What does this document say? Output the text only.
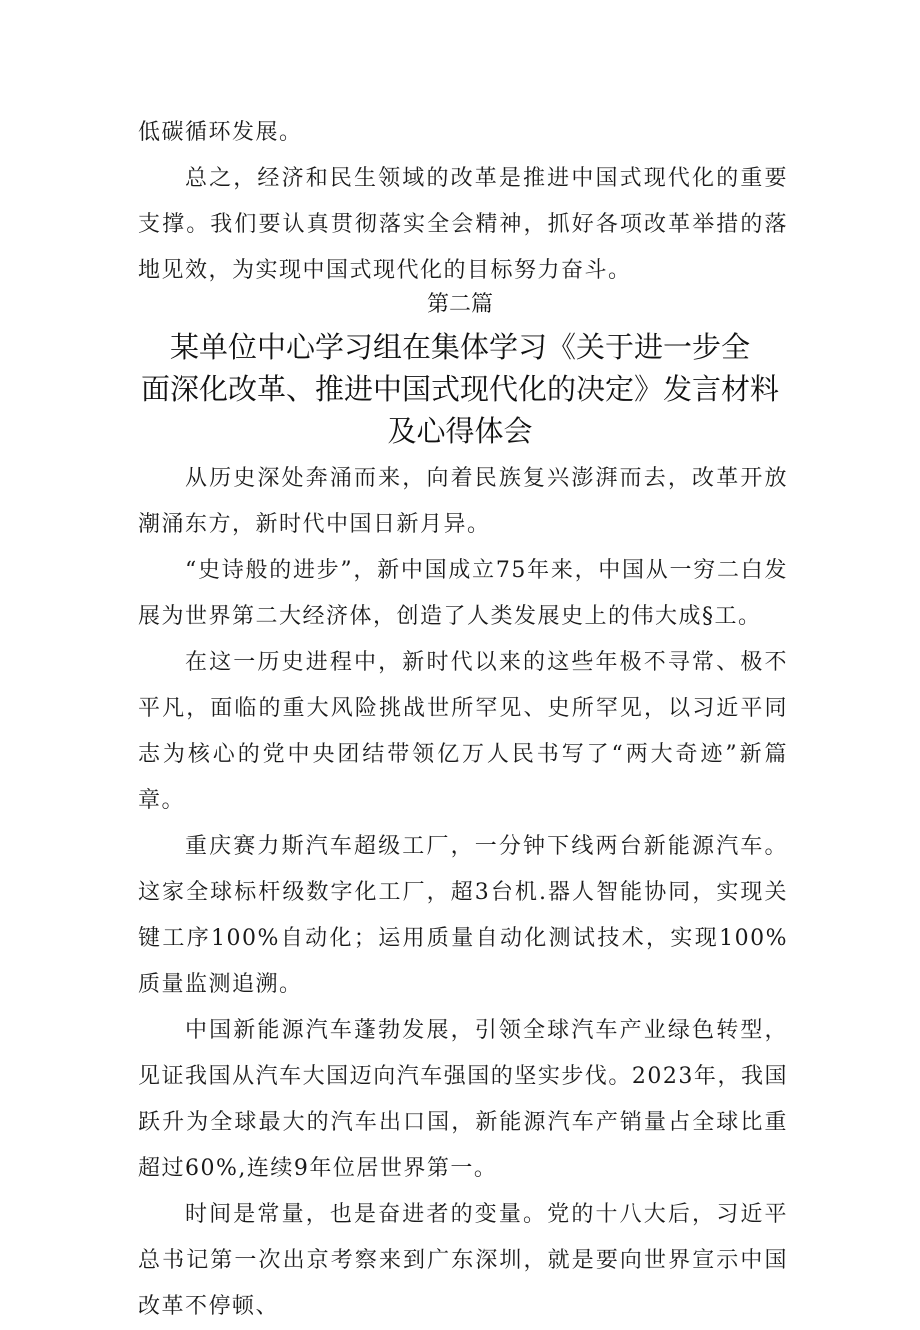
低碳循环发展。

总之，经济和民生领域的改革是推进中国式现代化的重要支撑。我们要认真贯彻落实全会精神，抓好各项改革举措的落地见效，为实现中国式现代化的目标努力奋斗。

第二篇
某单位中心学习组在集体学习《关于进一步全
面深化改革、推进中国式现代化的决定》发言材料
及心得体会

从历史深处奔涌而来，向着民族复兴澎湃而去，改革开放潮涌东方，新时代中国日新月异。

“史诗般的进步”，新中国成立75年来，中国从一穷二白发展为世界第二大经济体，创造了人类发展史上的伟大成§工。

在这一历史进程中，新时代以来的这些年极不寻常、极不平凡，面临的重大风险挑战世所罕见、史所罕见，以习近平同志为核心的党中央团结带领亿万人民书写了“两大奇迹”新篇章。

重庆赛力斯汽车超级工厂，一分钟下线两台新能源汽车。这家全球标杆级数字化工厂，超3台机.器人智能协同，实现关键工序100%自动化；运用质量自动化测试技术，实现100%质量监测追溯。

中国新能源汽车蓬勃发展，引领全球汽车产业绿色转型，见证我国从汽车大国迈向汽车强国的坚实步伐。2023年，我国跃升为全球最大的汽车出口国，新能源汽车产销量占全球比重超过60%,连续9年位居世界第一。

时间是常量，也是奋进者的变量。党的十八大后，习近平总书记第一次出京考察来到广东深圳，就是要向世界宣示中国改革不停顿、
